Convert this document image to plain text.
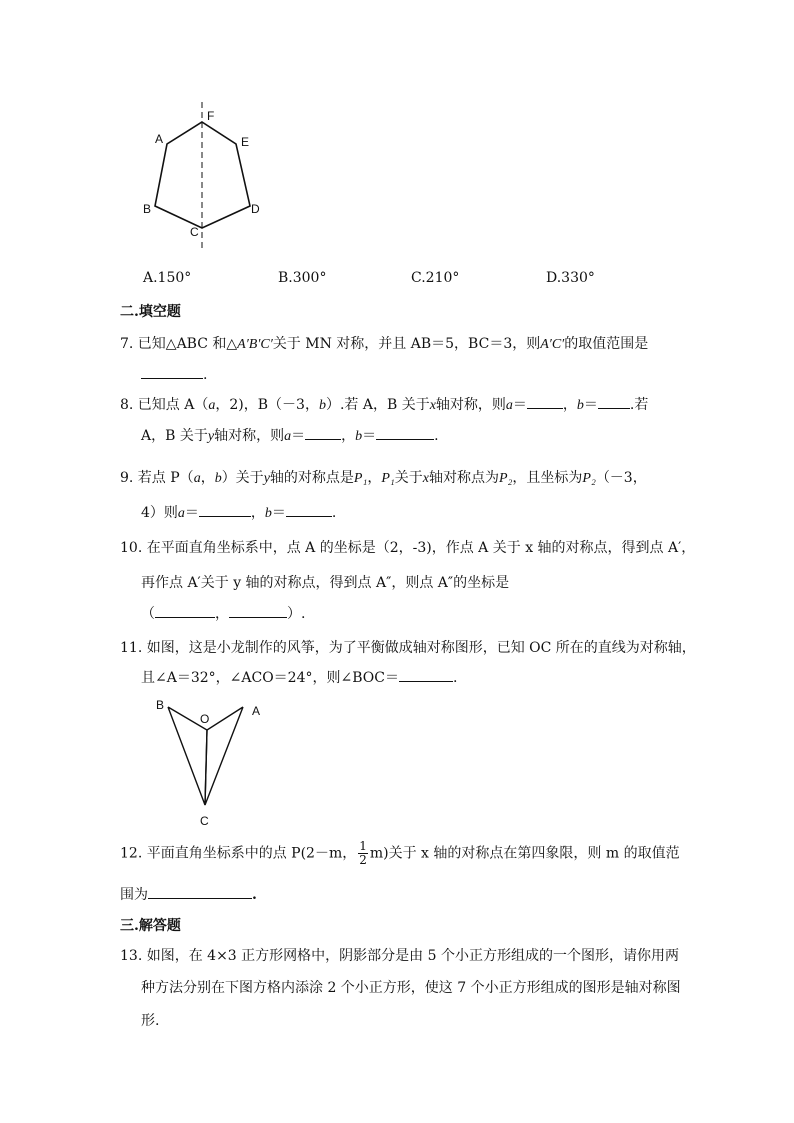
A
B
C
D
E
F
A.150°	B.300°	C.210°	D.330°
二.填空题
7. 已知△ABC 和△A′B′C′关于 MN 对称，并且 AB＝5，BC＝3，则A′C′的取值范围是
.
8. 已知点 A（a，2)，B（－3，b）.若 A，B 关于x轴对称，则a＝	，b＝ .若
A，B 关于y轴对称，则a＝	，b＝	.
9. 若点 P（a，b）关于y轴的对称点是P₁，P₁关于x轴对称点为P₂，且坐标为P₂（－3，
4）则a＝	，b＝	.
10. 在平面直角坐标系中，点 A 的坐标是（2，-3)，作点 A 关于 x 轴的对称点，得到点 A′，
再作点 A′关于 y 轴的对称点，得到点 A″，则点 A″的坐标是
（	，	）.
11. 如图，这是小龙制作的风筝，为了平衡做成轴对称图形，已知 OC 所在的直线为对称轴，
且∠A＝32°，∠ACO＝24°，则∠BOC＝	.
B
O
A
C
12. 平面直角坐标系中的点 P(2－m， $\frac{1}{2} m$)关于 x 轴的对称点在第四象限，则 m 的取值范
围为	.
三.解答题
13. 如图，在 4×3 正方形网格中，阴影部分是由 5 个小正方形组成的一个图形，请你用两
种方法分别在下图方格内添涂 2 个小正方形，使这 7 个小正方形组成的图形是轴对称图
形.
